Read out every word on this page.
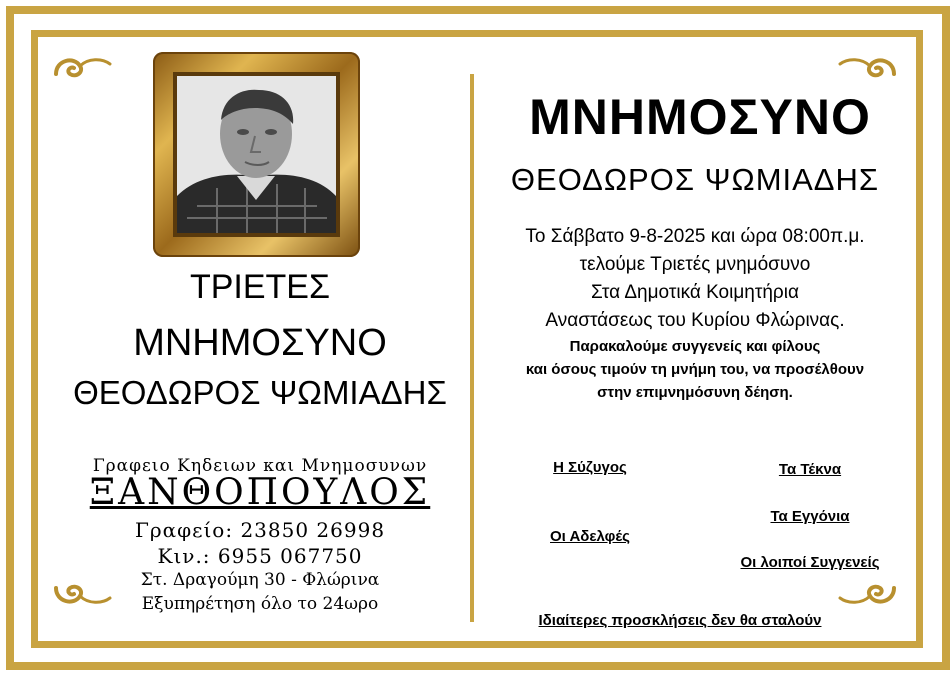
ΤΡΙΕΤΕΣ
ΜΝΗΜΟΣΥΝΟ
ΘΕΟΔΩΡΟΣ ΨΩΜΙΑΔΗΣ
Γραφειο Κηδειων και Μνημοσυνων
ΞΑΝΘΟΠΟΥΛΟΣ
Γραφείο: 23850 26998
Κιν.: 6955 067750
Στ. Δραγούμη 30 - Φλώρινα
Εξυπηρέτηση όλο το 24ωρο
ΜΝΗΜΟΣΥΝΟ
ΘΕΟΔΩΡΟΣ ΨΩΜΙΑΔΗΣ
Το Σάββατο 9-8-2025 και ώρα 08:00π.μ.
τελούμε Τριετές μνημόσυνο
Στα Δημοτικά Κοιμητήρια
Αναστάσεως του Κυρίου Φλώρινας.
Παρακαλούμε συγγενείς και φίλους
και όσους τιμούν τη μνήμη του, να προσέλθουν
στην επιμνημόσυνη δέηση.
Η Σύζυγος	Τα Τέκνα
Τα Εγγόνια
Οι Αδελφές
Οι λοιποί Συγγενείς
Ιδιαίτερες προσκλήσεις δεν θα σταλούν
